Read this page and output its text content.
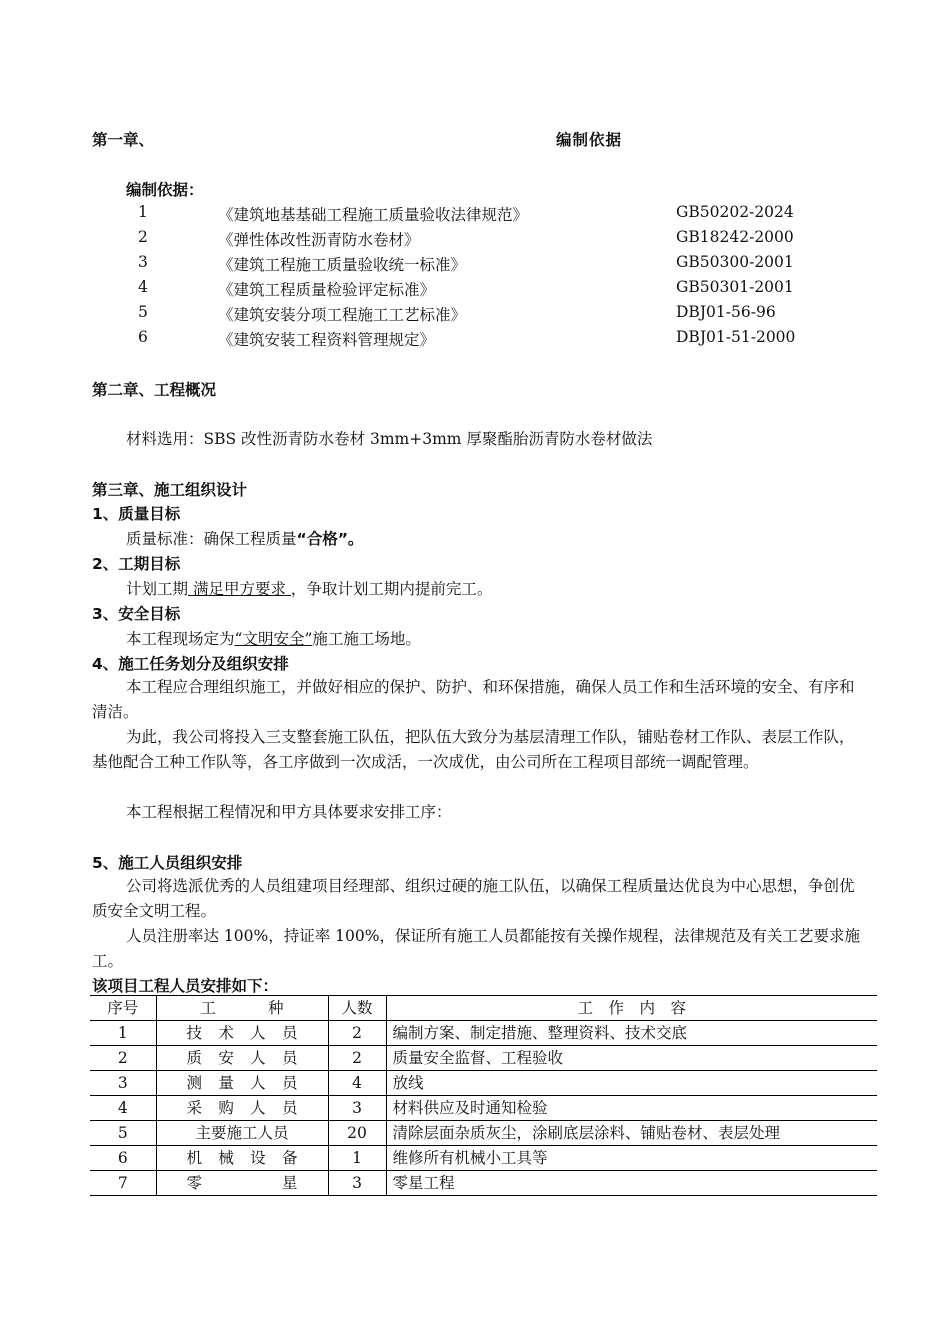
第一章、	编制依据
编制依据：
1	《建筑地基基础工程施工质量验收法律规范》	GB50202-2024
2	《弹性体改性沥青防水卷材》	GB18242-2000
3	《建筑工程施工质量验收统一标准》	GB50300-2001
4	《建筑工程质量检验评定标准》	GB50301-2001
5	《建筑安装分项工程施工工艺标准》	DBJ01-56-96
6	《建筑安装工程资料管理规定》	DBJ01-51-2000
第二章、工程概况
材料选用：SBS 改性沥青防水卷材 3mm+3mm 厚聚酯胎沥青防水卷材做法
第三章、施工组织设计
1、质量目标
质量标准：确保工程质量“合格”。
2、工期目标
计划工期 满足甲方要求 ，争取计划工期内提前完工。
3、安全目标
本工程现场定为“文明安全”施工施工场地。
4、施工任务划分及组织安排
本工程应合理组织施工，并做好相应的保护、防护、和环保措施，确保人员工作和生活环境的安全、有序和清洁。
为此，我公司将投入三支整套施工队伍，把队伍大致分为基层清理工作队，铺贴卷材工作队、表层工作队，基他配合工种工作队等，各工序做到一次成活，一次成优，由公司所在工程项目部统一调配管理。
本工程根据工程情况和甲方具体要求安排工序：
5、施工人员组织安排
公司将选派优秀的人员组建项目经理部、组织过硬的施工队伍，以确保工程质量达优良为中心思想，争创优质安全文明工程。
人员注册率达 100%，持证率 100%，保证所有施工人员都能按有关操作规程，法律规范及有关工艺要求施工。
该项目工程人员安排如下：
序号	工 种	人数	工 作 内 容

1	技 术 人 员	2	编制方案、制定措施、整理资料、技术交底
2	质 安 人 员	2	质量安全监督、工程验收
3	测 量 人 员	4	放线
4	采 购 人 员	3	材料供应及时通知检验
5	主要施工人员	20	清除层面杂质灰尘，涂刷底层涂料、铺贴卷材、表层处理
6	机 械 设 备	1	维修所有机械小工具等
7	零 星	3	零星工程
